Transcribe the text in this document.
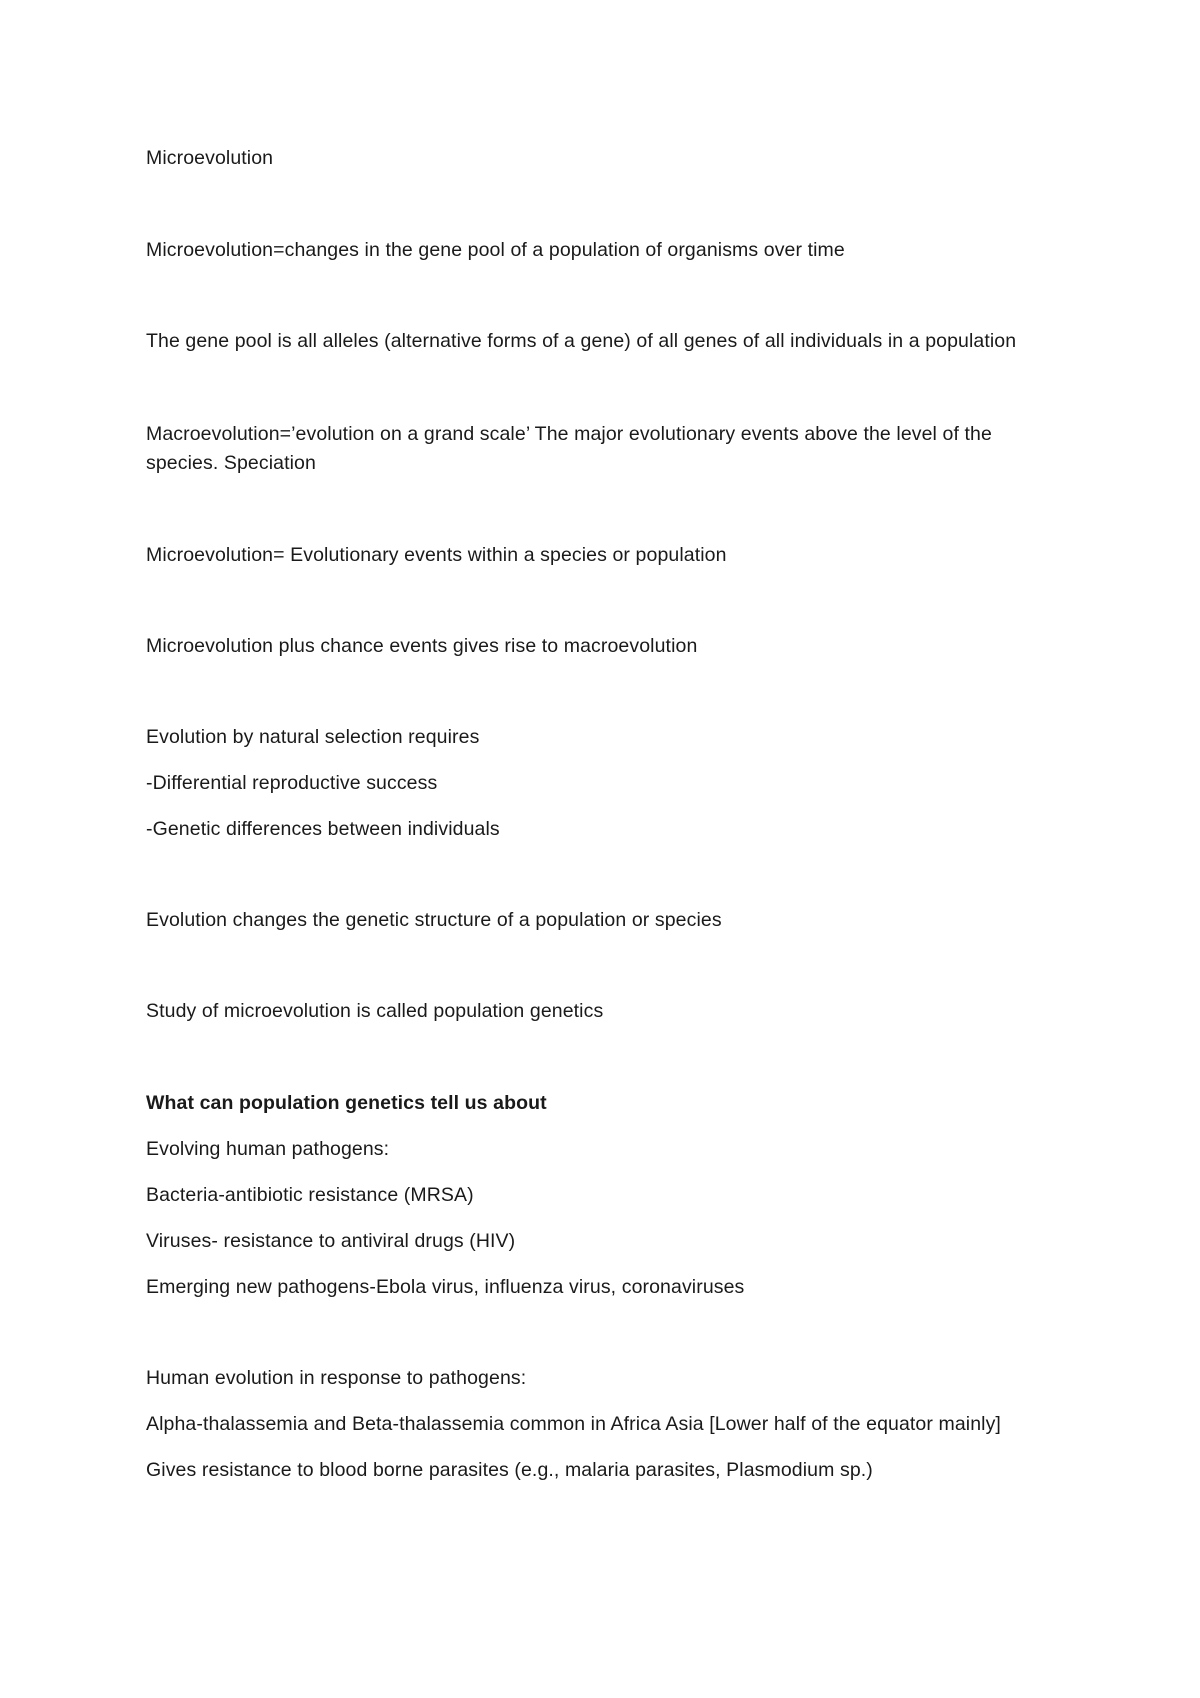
Microevolution

Microevolution=changes in the gene pool of a population of organisms over time

The gene pool is all alleles (alternative forms of a gene) of all genes of all individuals in a population

Macroevolution=’evolution on a grand scale’ The major evolutionary events above the level of the species. Speciation

Microevolution= Evolutionary events within a species or population

Microevolution plus chance events gives rise to macroevolution

Evolution by natural selection requires

-Differential reproductive success

-Genetic differences between individuals

Evolution changes the genetic structure of a population or species

Study of microevolution is called population genetics

What can population genetics tell us about

Evolving human pathogens:

Bacteria-antibiotic resistance (MRSA)

Viruses- resistance to antiviral drugs (HIV)

Emerging new pathogens-Ebola virus, influenza virus, coronaviruses

Human evolution in response to pathogens:

Alpha-thalassemia and Beta-thalassemia common in Africa Asia [Lower half of the equator mainly]

Gives resistance to blood borne parasites (e.g., malaria parasites, Plasmodium sp.)
